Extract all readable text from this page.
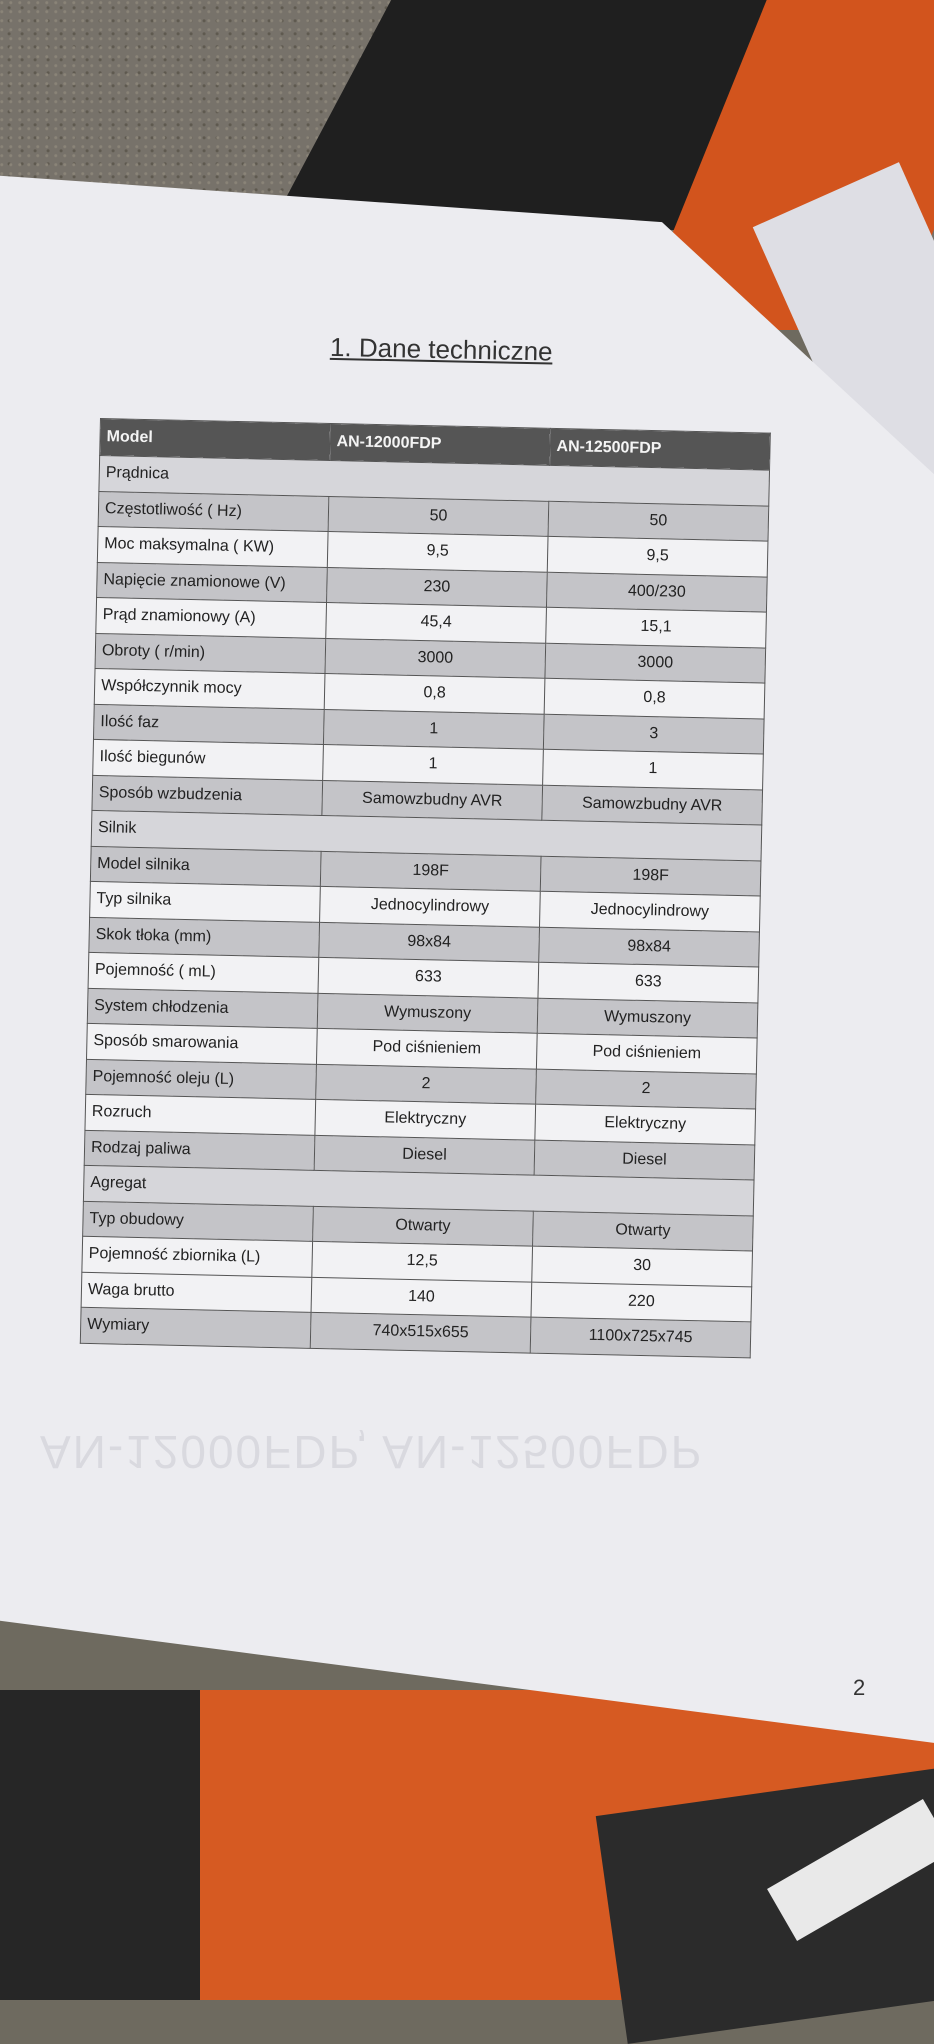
1. Dane techniczne
AN-12000FDP, AN-12500FDP
Model	AN-12000FDP	AN-12500FDP
Prądnica		
Częstotliwość ( Hz)	50	50
Moc maksymalna ( KW)	9,5	9,5
Napięcie znamionowe (V)	230	400/230
Prąd znamionowy (A)	45,4	15,1
Obroty ( r/min)	3000	3000
Współczynnik mocy	0,8	0,8
Ilość faz	1	3
Ilość biegunów	1	1
Sposób wzbudzenia	Samowzbudny AVR	Samowzbudny AVR
Silnik		
Model silnika	198F	198F
Typ silnika	Jednocylindrowy	Jednocylindrowy
Skok tłoka (mm)	98x84	98x84
Pojemność ( mL)	633	633
System chłodzenia	Wymuszony	Wymuszony
Sposób smarowania	Pod ciśnieniem	Pod ciśnieniem
Pojemność oleju (L)	2	2
Rozruch	Elektryczny	Elektryczny
Rodzaj paliwa	Diesel	Diesel
Agregat		
Typ obudowy	Otwarty	Otwarty
Pojemność zbiornika (L)	12,5	30
Waga brutto	140	220
Wymiary	740x515x655	1100x725x745
2
